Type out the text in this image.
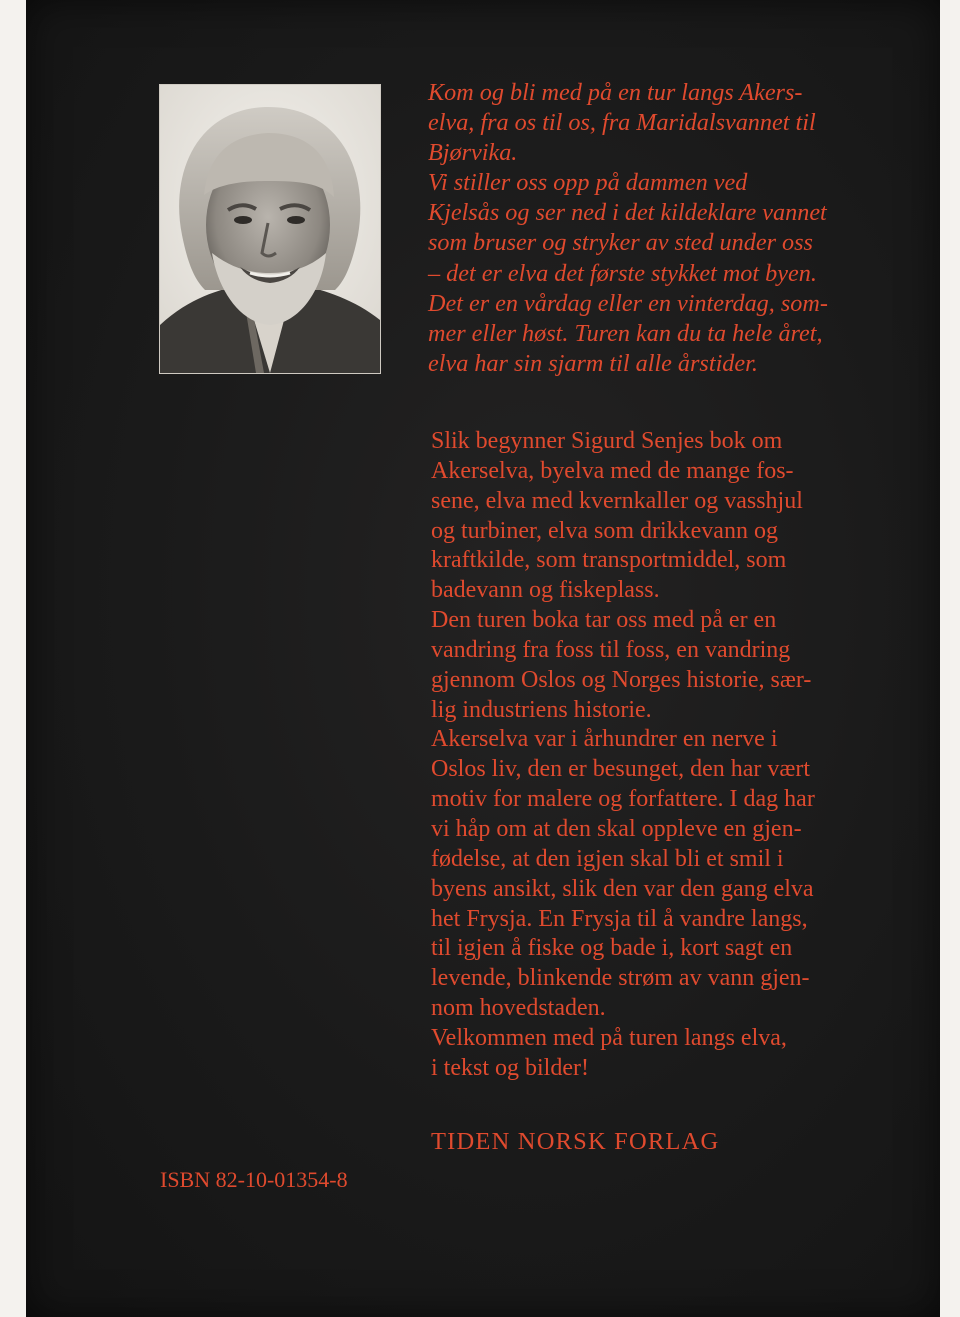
Kom og bli med på en tur langs Akers-
elva, fra os til os, fra Maridalsvannet til
Bjørvika.
Vi stiller oss opp på dammen ved
Kjelsås og ser ned i det kildeklare vannet
som bruser og stryker av sted under oss
– det er elva det første stykket mot byen.
Det er en vårdag eller en vinterdag, som-
mer eller høst. Turen kan du ta hele året,
elva har sin sjarm til alle årstider.

Slik begynner Sigurd Senjes bok om
Akerselva, byelva med de mange fos-
sene, elva med kvernkaller og vasshjul
og turbiner, elva som drikkevann og
kraftkilde, som transportmiddel, som
badevann og fiskeplass.
Den turen boka tar oss med på er en
vandring fra foss til foss, en vandring
gjennom Oslos og Norges historie, sær-
lig industriens historie.
Akerselva var i århundrer en nerve i
Oslos liv, den er besunget, den har vært
motiv for malere og forfattere. I dag har
vi håp om at den skal oppleve en gjen-
fødelse, at den igjen skal bli et smil i
byens ansikt, slik den var den gang elva
het Frysja. En Frysja til å vandre langs,
til igjen å fiske og bade i, kort sagt en
levende, blinkende strøm av vann gjen-
nom hovedstaden.
Velkommen med på turen langs elva,
i tekst og bilder!

TIDEN NORSK FORLAG

ISBN 82-10-01354-8
